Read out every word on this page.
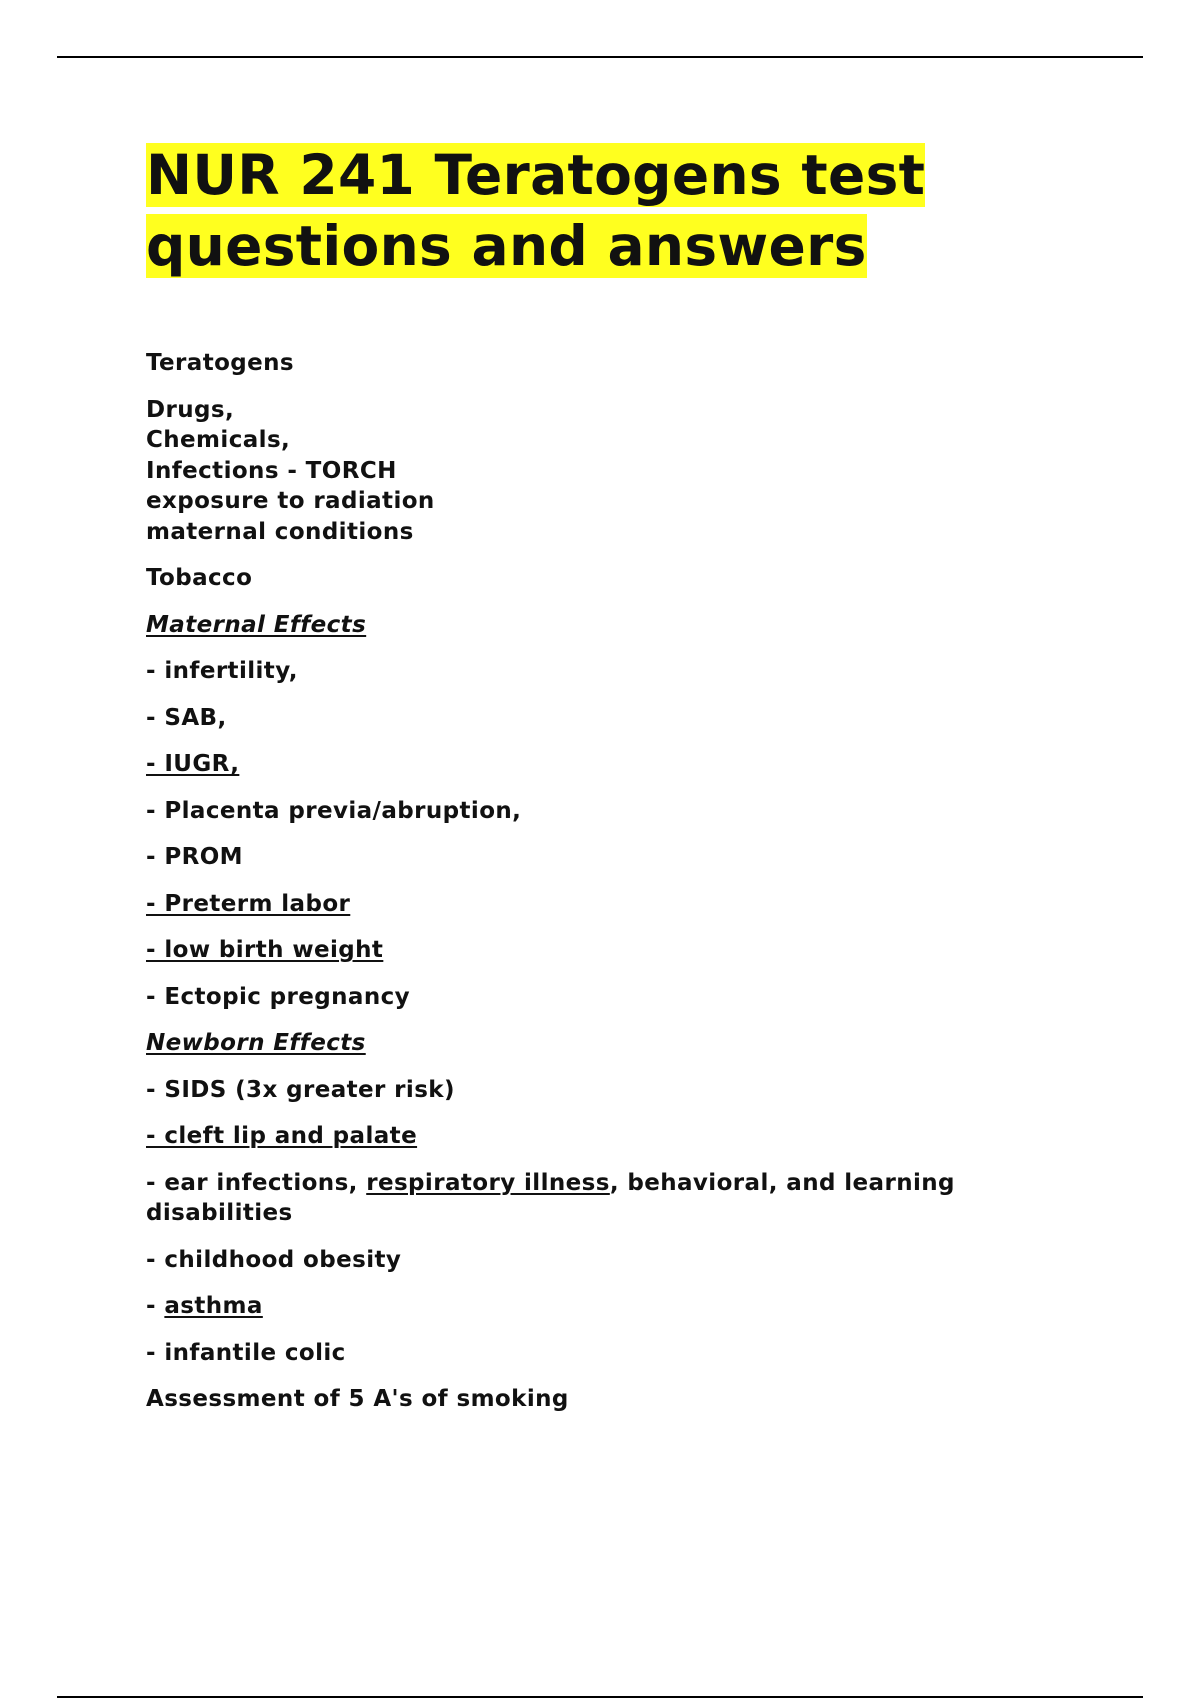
NUR 241 Teratogens test
questions and answers

Teratogens

Drugs,
Chemicals,
Infections - TORCH
exposure to radiation
maternal conditions

Tobacco

Maternal Effects

- infertility,

- SAB,

- IUGR,

- Placenta previa/abruption,

- PROM

- Preterm labor

- low birth weight

- Ectopic pregnancy

Newborn Effects

- SIDS (3x greater risk)

- cleft lip and palate

- ear infections, respiratory illness, behavioral, and learning
disabilities

- childhood obesity

- asthma

- infantile colic

Assessment of 5 A's of smoking
